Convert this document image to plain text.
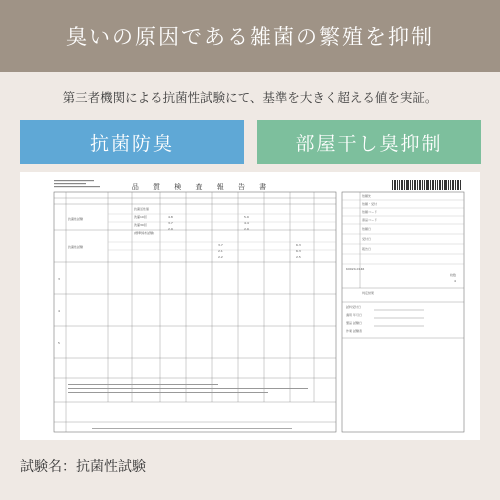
臭いの原因である雑菌の繁殖を抑制
第三者機関による抗菌性試験にて、基準を大きく超える値を実証。
抗菌防臭	部屋干し臭抑制
品 質 検 査 報 告 書
抗菌性試験
抗菌性試験
3
4
5
抗菌活性値
洗濯10回
洗濯30回
(標準綿布試験)
4.8
3.7
2.9
5.9
4.4
2.9
3.7
2.1
2.2
6.3
6.3
2.5
依頼先
依頼・受付
依頼コード
商品コード
依頼日
受付日
報告日
判定結果
K0024-0146
枚数
4
試料受付日
適用 年月日
製品 試験日
作業 試験者
試験名：抗菌性試験
